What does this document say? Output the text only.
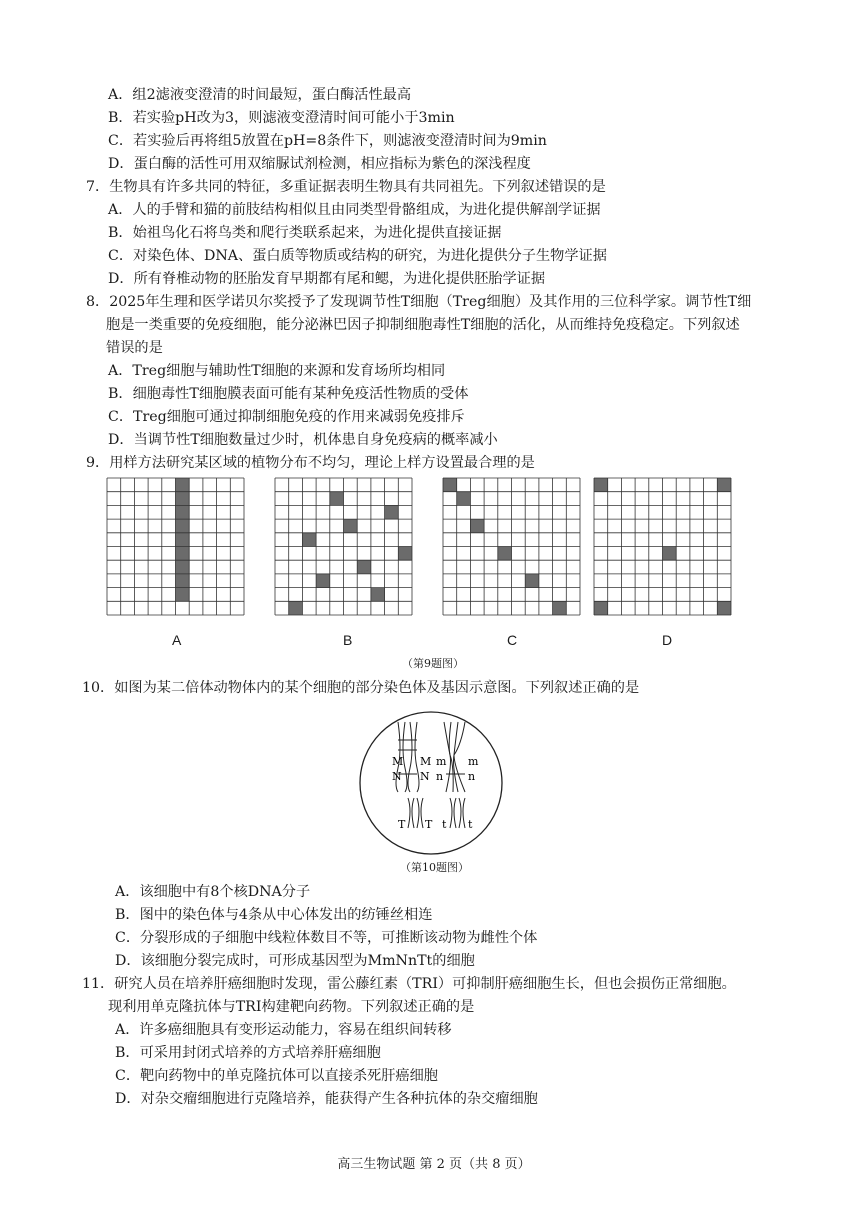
A．组2滤液变澄清的时间最短，蛋白酶活性最高
B．若实验pH改为3，则滤液变澄清时间可能小于3min
C．若实验后再将组5放置在pH=8条件下，则滤液变澄清时间为9min
D．蛋白酶的活性可用双缩脲试剂检测，相应指标为紫色的深浅程度
7．生物具有许多共同的特征，多重证据表明生物具有共同祖先。下列叙述错误的是
A．人的手臂和猫的前肢结构相似且由同类型骨骼组成，为进化提供解剖学证据
B．始祖鸟化石将鸟类和爬行类联系起来，为进化提供直接证据
C．对染色体、DNA、蛋白质等物质或结构的研究，为进化提供分子生物学证据
D．所有脊椎动物的胚胎发育早期都有尾和鳃，为进化提供胚胎学证据
8．2025年生理和医学诺贝尔奖授予了发现调节性T细胞（Treg细胞）及其作用的三位科学家。调节性T细
胞是一类重要的免疫细胞，能分泌淋巴因子抑制细胞毒性T细胞的活化，从而维持免疫稳定。下列叙述
错误的是
A．Treg细胞与辅助性T细胞的来源和发育场所均相同
B．细胞毒性T细胞膜表面可能有某种免疫活性物质的受体
C．Treg细胞可通过抑制细胞免疫的作用来减弱免疫排斥
D．当调节性T细胞数量过少时，机体患自身免疫病的概率减小
9．用样方法研究某区域的植物分布不均匀，理论上样方设置最合理的是
A	B	C	D
（第9题图）
10．如图为某二倍体动物体内的某个细胞的部分染色体及基因示意图。下列叙述正确的是
M
N
M
N
m
n
m
n
T T t t
（第10题图）
A．该细胞中有8个核DNA分子
B．图中的染色体与4条从中心体发出的纺锤丝相连
C．分裂形成的子细胞中线粒体数目不等，可推断该动物为雌性个体
D．该细胞分裂完成时，可形成基因型为MmNnTt的细胞
11．研究人员在培养肝癌细胞时发现，雷公藤红素（TRI）可抑制肝癌细胞生长，但也会损伤正常细胞。
现利用单克隆抗体与TRI构建靶向药物。下列叙述正确的是
A．许多癌细胞具有变形运动能力，容易在组织间转移
B．可采用封闭式培养的方式培养肝癌细胞
C．靶向药物中的单克隆抗体可以直接杀死肝癌细胞
D．对杂交瘤细胞进行克隆培养，能获得产生各种抗体的杂交瘤细胞
高三生物试题 第 2 页（共 8 页）
